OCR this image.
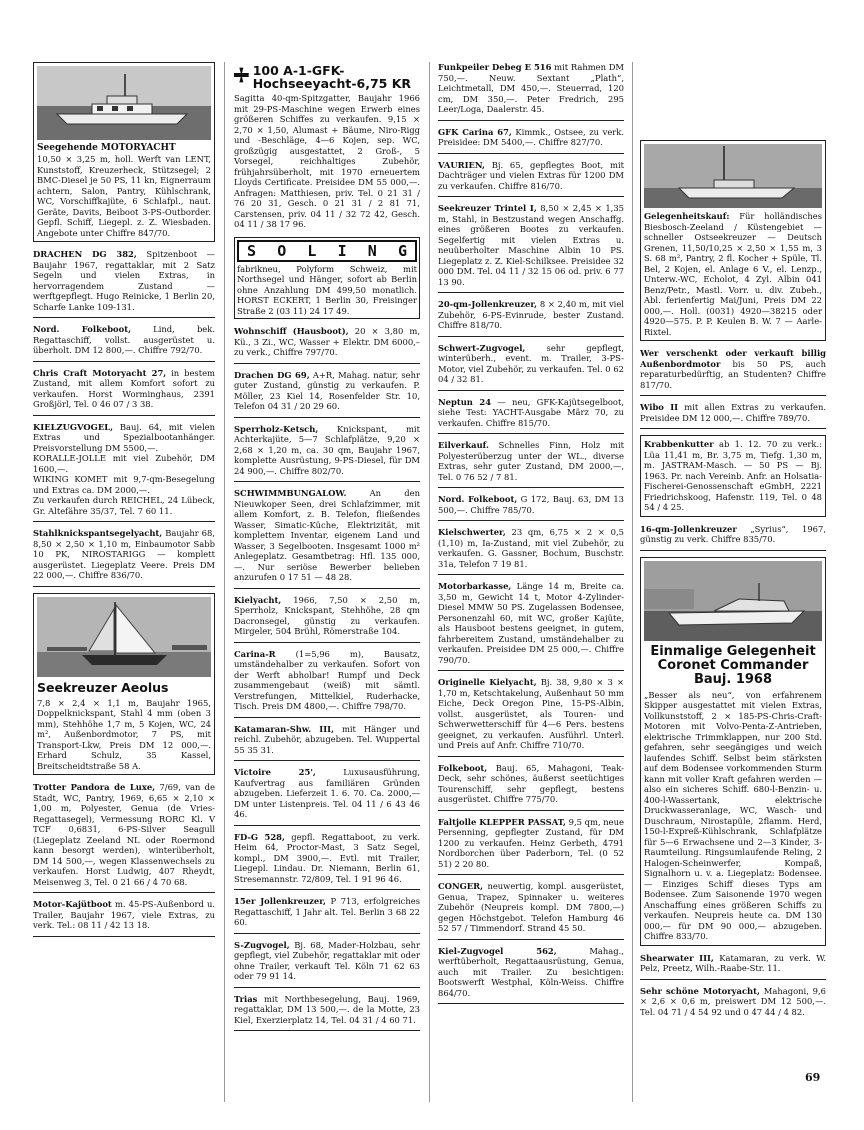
Seegehende MOTORYACHT
10,50 × 3,25 m, holl. Werft van LENT, Kunststoff, Kreuzerheck, Stützsegel; 2 BMC-Diesel je 50 PS, 11 kn, Eignerraum achtern, Salon, Pantry, Kühlschrank, WC, Vorschiffkajüte, 6 Schlafpl., naut. Geräte, Davits, Beiboot 3-PS-Outborder. Gepfl. Schiff, Liegepl. z. Z. Wiesbaden. Angebote unter Chiffre 847/70.
DRACHEN DG 382, Spitzenboot — Baujahr 1967, regattaklar, mit 2 Satz Segeln und vielen Extras, in hervorragendem Zustand — werftgepflegt. Hugo Reinicke, 1 Berlin 20, Scharfe Lanke 109-131.
Nord. Folkeboot,	Lind, bek. Regattaschiff, vollst. ausgerüstet u. überholt. DM 12 800,—. Chiffre 792/70.
Chris Craft Motoryacht 27, in bestem Zustand, mit allem Komfort sofort zu verkaufen. Horst Worminghaus, 2391 Großjörl, Tel. 0 46 07 / 3 38.
KIELZUGVOGEL, Bauj. 64, mit vielen Extras und Spezialbootanhänger. Preisvorstellung DM 5500,—.
KORALLE-JOLLE mit viel Zubehör, DM 1600,—.
WIKING KOMET mit 9,7-qm-Besegelung und Extras ca. DM 2000,—.
Zu verkaufen durch REICHEL, 24 Lübeck, Gr. Altefähre 35/37, Tel. 7 60 11.
Stahlknickspantsegelyacht, Baujahr 68, 8,50 × 2,50 × 1,10 m, Einbaumotor Sabb 10 PK, NIROSTARIGG — komplett ausgerüstet. Liegeplatz Veere. Preis DM 22 000,—. Chiffre 836/70.
Seekreuzer Aeolus
7,8 × 2,4 × 1,1 m, Baujahr 1965, Doppelknickspant, Stahl 4 mm (oben 3 mm), Stehhöhe 1,7 m, 5 Kojen, WC, 24 m², Außenbordmotor, 7 PS, mit Transport-Lkw, Preis DM 12 000,—. Erhard Schulz, 35 Kassel, Breitscheidtstraße 58 A.
Trotter Pandora de Luxe, 7/69, van de Stadt, WC, Pantry, 1969, 6,65 × 2,10 × 1,00 m, Polyester, Genua (de Vries-Regattasegel), Vermessung RORC Kl. V TCF 0,6831, 6-PS-Silver Seagull (Liegeplatz Zeeland NL oder Roermond kann besorgt werden), winterüberholt, DM 14 500,—, wegen Klassenwechsels zu verkaufen. Horst Ludwig, 407 Rheydt, Meisenweg 3, Tel. 0 21 66 / 4 70 68.
Motor-Kajütboot m. 45-PS-Außenbord u. Trailer, Baujahr 1967, viele Extras, zu verk. Tel.: 08 11 / 42 13 18.
100 A-1-GFK-Hochseeyacht-6,75 KR
Sagitta 40-qm-Spitzgatter, Baujahr 1966 mit 29-PS-Maschine wegen Erwerb eines größeren Schiffes zu verkaufen. 9,15 × 2,70 × 1,50, Alumast + Bäume, Niro-Rigg und -Beschläge, 4—6 Kojen, sep. WC, großzügig ausgestattet, 2 Groß-, 5 Vorsegel, reichhaltiges Zubehör, frühjahrsüberholt, mit 1970 erneuertem Lloyds Certificate. Preisidee DM 55 000,—. Anfragen: Matthiesen, priv. Tel. 0 21 31 / 76 20 31, Gesch. 0 21 31 / 2 81 71, Carstensen, priv. 04 11 / 32 72 42, Gesch. 04 11 / 38 17 96.
S O L I N G
fabrikneu, Polyform Schweiz, mit Northsegel und Hänger, sofort ab Berlin ohne Anzahlung DM 499,50 monatlich. HORST ECKERT, 1 Berlin 30, Freisinger Straße 2 (03 11) 24 17 49.
Wohnschiff (Hausboot), 20 × 3,80 m, Kü., 3 Zi., WC, Wasser + Elektr. DM 6000,– zu verk., Chiffre 797/70.
Drachen DG 69, A+R, Mahag. natur, sehr guter Zustand, günstig zu verkaufen. P. Möller, 23 Kiel 14, Rosenfelder Str. 10, Telefon 04 31 / 20 29 60.
Sperrholz-Ketsch, Knickspant, mit Achterkajüte, 5—7 Schlafplätze, 9,20 × 2,68 × 1,20 m, ca. 30 qm, Baujahr 1967, komplette Ausrüstung, 9-PS-Diesel, für DM 24 900,—. Chiffre 802/70.
SCHWIMMBUNGALOW.	An den Nieuwkoper Seen, drei Schlafzimmer, mit allem Komfort, z. B. Telefon, fließendes Wasser, Simatic-Küche, Elektrizität, mit komplettem Inventar, eigenem Land und Wasser, 3 Segelbooten. Insgesamt 1000 m² Anlegeplatz. Gesamtbetrag: Hfl. 135 000,—. Nur seriöse Bewerber belieben anzurufen 0 17 51 — 48 28.
Kielyacht, 1966, 7,50 × 2,50 m, Sperrholz, Knickspant, Stehhöhe, 28 qm Dacronsegel, günstig zu verkaufen. Mirgeler, 504 Brühl, Römerstraße 104.
Carina-R (1=5,96 m), Bausatz, umständehalber zu verkaufen. Sofort von der Werft abholbar! Rumpf und Deck zusammengebaut (weiß) mit sämtl. Verstrefungen, Mittelkiel, Ruderhacke, Tisch. Preis DM 4800,—. Chiffre 798/70.
Katamaran-Shw. III, mit Hänger und reichl. Zubehör, abzugeben. Tel. Wuppertal 55 35 31.
Victoire 25',	Luxusausführung, Kaufvertrag aus familiären Gründen abzugeben. Lieferzeit 1. 6. 70. Ca. 2000,— DM unter Listenpreis. Tel. 04 11 / 6 43 46 46.
FD-G 528, gepfl. Regattaboot, zu verk. Heim 64, Proctor-Mast, 3 Satz Segel, kompl., DM 3900,—. Evtl. mit Trailer, Liegepl. Lindau. Dr. Niemann, Berlin 61, Stresemannstr. 72/809, Tel. 1 91 96 46.
15er Jollenkreuzer, P 713, erfolgreiches Regattaschiff, 1 Jahr alt. Tel. Berlin 3 68 22 60.
S-Zugvogel, Bj. 68, Mader-Holzbau, sehr gepflegt, viel Zubehör, regattaklar mit oder ohne Trailer, verkauft Tel. Köln 71 62 63 oder 79 91 14.
Trias mit Northbesegelung, Bauj. 1969, regattaklar, DM 13 500,—. de la Motte, 23 Kiel, Exerzierplatz 14, Tel. 04 31 / 4 60 71.
Funkpeiler Debeg E 516 mit Rahmen DM 750,—. Neuw. Sextant „Plath“, Leichtmetall, DM 450,—. Steuerrad, 120 cm, DM 350,—. Peter Fredrich, 295 Leer/Loga, Daalerstr. 45.
GFK Carina 67, Kimmk., Ostsee, zu verk. Preisidee: DM 5400,—. Chiffre 827/70.
VAURIEN, Bj. 65, gepflegtes Boot, mit Dachträger und vielen Extras für 1200 DM zu verkaufen. Chiffre 816/70.
Seekreuzer Trintel I, 8,50 × 2,45 × 1,35 m, Stahl, in Bestzustand wegen Anschaffg. eines größeren Bootes zu verkaufen. Segelfertig mit vielen Extras u. neuüberholter Maschine Albin 10 PS. Liegeplatz z. Z. Kiel-Schilksee. Preisidee 32 000 DM. Tel. 04 11 / 32 15 06 od. priv. 6 77 13 90.
20-qm-Jollenkreuzer, 8 × 2,40 m, mit viel Zubehör, 6-PS-Evinrude, bester Zustand. Chiffre 818/70.
Schwert-Zugvogel,	sehr gepflegt, winterüberh., event. m. Trailer, 3-PS-Motor, viel Zubehör, zu verkaufen. Tel. 0 62 04 / 32 81.
Neptun 24 — neu, GFK-Kajütsegelboot, siehe Test: YACHT-Ausgabe März 70, zu verkaufen. Chiffre 815/70.
Eilverkauf. Schnelles Finn, Holz mit Polyesterüberzug unter der WL., diverse Extras, sehr guter Zustand, DM 2000,—, Tel. 0 76 52 / 7 81.
Nord. Folkeboot, G 172, Bauj. 63, DM 13 500,—. Chiffre 785/70.
Kielschwerter, 23 qm, 6,75 × 2 × 0,5 (1,10) m, Ia-Zustand, mit viel Zubehör, zu verkaufen. G. Gassner, Bochum, Buschstr. 31a, Telefon 7 19 81.
Motorbarkasse, Länge 14 m, Breite ca. 3,50 m, Gewicht 14 t, Motor 4-Zylinder-Diesel MMW 50 PS. Zugelassen Bodensee, Personenzahl 60, mit WC, großer Kajüte, als Hausboot bestens geeignet, in gutem, fahrbereitem Zustand, umständehalber zu verkaufen. Preisidee DM 25 000,—. Chiffre 790/70.
Originelle Kielyacht, Bj. 38, 9,80 × 3 × 1,70 m, Ketschtakelung, Außenhaut 50 mm Eiche, Deck Oregon Pine, 15-PS-Albin, vollst. ausgerüstet, als Touren- und Schwerwetterschiff für 4—6 Pers. bestens geeignet, zu verkaufen. Ausführl. Unterl. und Preis auf Anfr. Chiffre 710/70.
Folkeboot, Bauj. 65, Mahagoni, Teak-Deck, sehr schönes, äußerst seetüchtiges Tourenschiff, sehr gepflegt, bestens ausgerüstet. Chiffre 775/70.
Faltjolle KLEPPER PASSAT, 9,5 qm, neue Persenning, gepflegter Zustand, für DM 1200 zu verkaufen. Heinz Gerbeth, 4791 Nordborchen über Paderborn, Tel. (0 52 51) 2 20 80.
CONGER, neuwertig, kompl. ausgerüstet, Genua, Trapez, Spinnaker u. weiteres Zubehör (Neupreis kompl. DM 7800,—) gegen Höchstgebot. Telefon Hamburg 46 52 57 / Timmendorf. Strand 45 50.
Kiel-Zugvogel 562,	Mahag., werftüberholt, Regattaausrüstung, Genua, auch mit Trailer. Zu besichtigen: Bootswerft Westphal, Köln-Weiss. Chiffre 864/70.
Gelegenheitskauf: Für holländisches Biesbosch-Zeeland / Küstengebiet — schneller Ostseekreuzer — Deutsch Grenen, 11,50/10,25 × 2,50 × 1,55 m, 3 S. 68 m², Pantry, 2 fl. Kocher + Spüle, Tl. Bel, 2 Kojen, el. Anlage 6 V., el. Lenzp., Unterw.-WC, Echolot, 4 Zyl. Albin 041 Benz/Petr., Mastl. Vorr. u. div. Zubeh., Abl. ferienfertig Mai/Juni, Preis DM 22 000,—. Holl. (0031) 4920—38215 oder 4920—575. P. P. Keulen B. W. 7 — Aarle-Rixtel.
Wer verschenkt oder verkauft billig Außenbordmotor bis 50 PS, auch reparaturbedürftig, an Studenten? Chiffre 817/70.
Wibo II mit allen Extras zu verkaufen. Preisidee DM 12 000,—. Chiffre 789/70.
Krabbenkutter ab 1. 12. 70 zu verk.: Lüa 11,41 m, Br. 3,75 m, Tiefg. 1,30 m, m. JASTRAM-Masch. — 50 PS — Bj. 1963. Pr. nach Vereinb. Anfr. an Holsatia-Fischerei-Genossenschaft eGmbH, 2221 Friedrichskoog, Hafenstr. 119, Tel. 0 48 54 / 4 25.
16-qm-Jollenkreuzer „Syrius“, 1967, günstig zu verk. Chiffre 835/70.
Einmalige Gelegenheit Coronet Commander Bauj. 1968
„Besser als neu“, von erfahrenem Skipper ausgestattet mit vielen Extras, Vollkunststoff, 2 × 185-PS-Chris-Craft-Motoren mit Volvo-Penta-Z-Antrieben, elektrische Trimmklappen, nur 200 Std. gefahren, sehr seegängiges und weich laufendes Schiff. Selbst beim stärksten auf dem Bodensee vorkommenden Sturm kann mit voller Kraft gefahren werden — also ein sicheres Schiff. 680-l-Benzin- u. 400-l-Wassertank, elektrische Druckwasseranlage, WC, Wasch- und Duschraum, Nirostapüle, 2flamm. Herd, 150-l-Expreß-Kühlschrank, Schlafplätze für 5—6 Erwachsene und 2—3 Kinder, 3-Raumteilung. Ringsumlaufende Reling, 2 Halogen-Scheinwerfer, Kompaß, Signalhorn u. v. a. Liegeplatz: Bodensee. — Einziges Schiff dieses Typs am Bodensee. Zum Saisonende 1970 wegen Anschaffung eines größeren Schiffs zu verkaufen. Neupreis heute ca. DM 130 000,— für DM 90 000,— abzugeben. Chiffre 833/70.
Shearwater III, Katamaran, zu verk. W. Pelz, Preetz, Wilh.-Raabe-Str. 11.
Sehr schöne Motoryacht, Mahagoni, 9,6 × 2,6 × 0,6 m, preiswert DM 12 500,—. Tel. 04 71 / 4 54 92 und 0 47 44 / 4 82.
69
